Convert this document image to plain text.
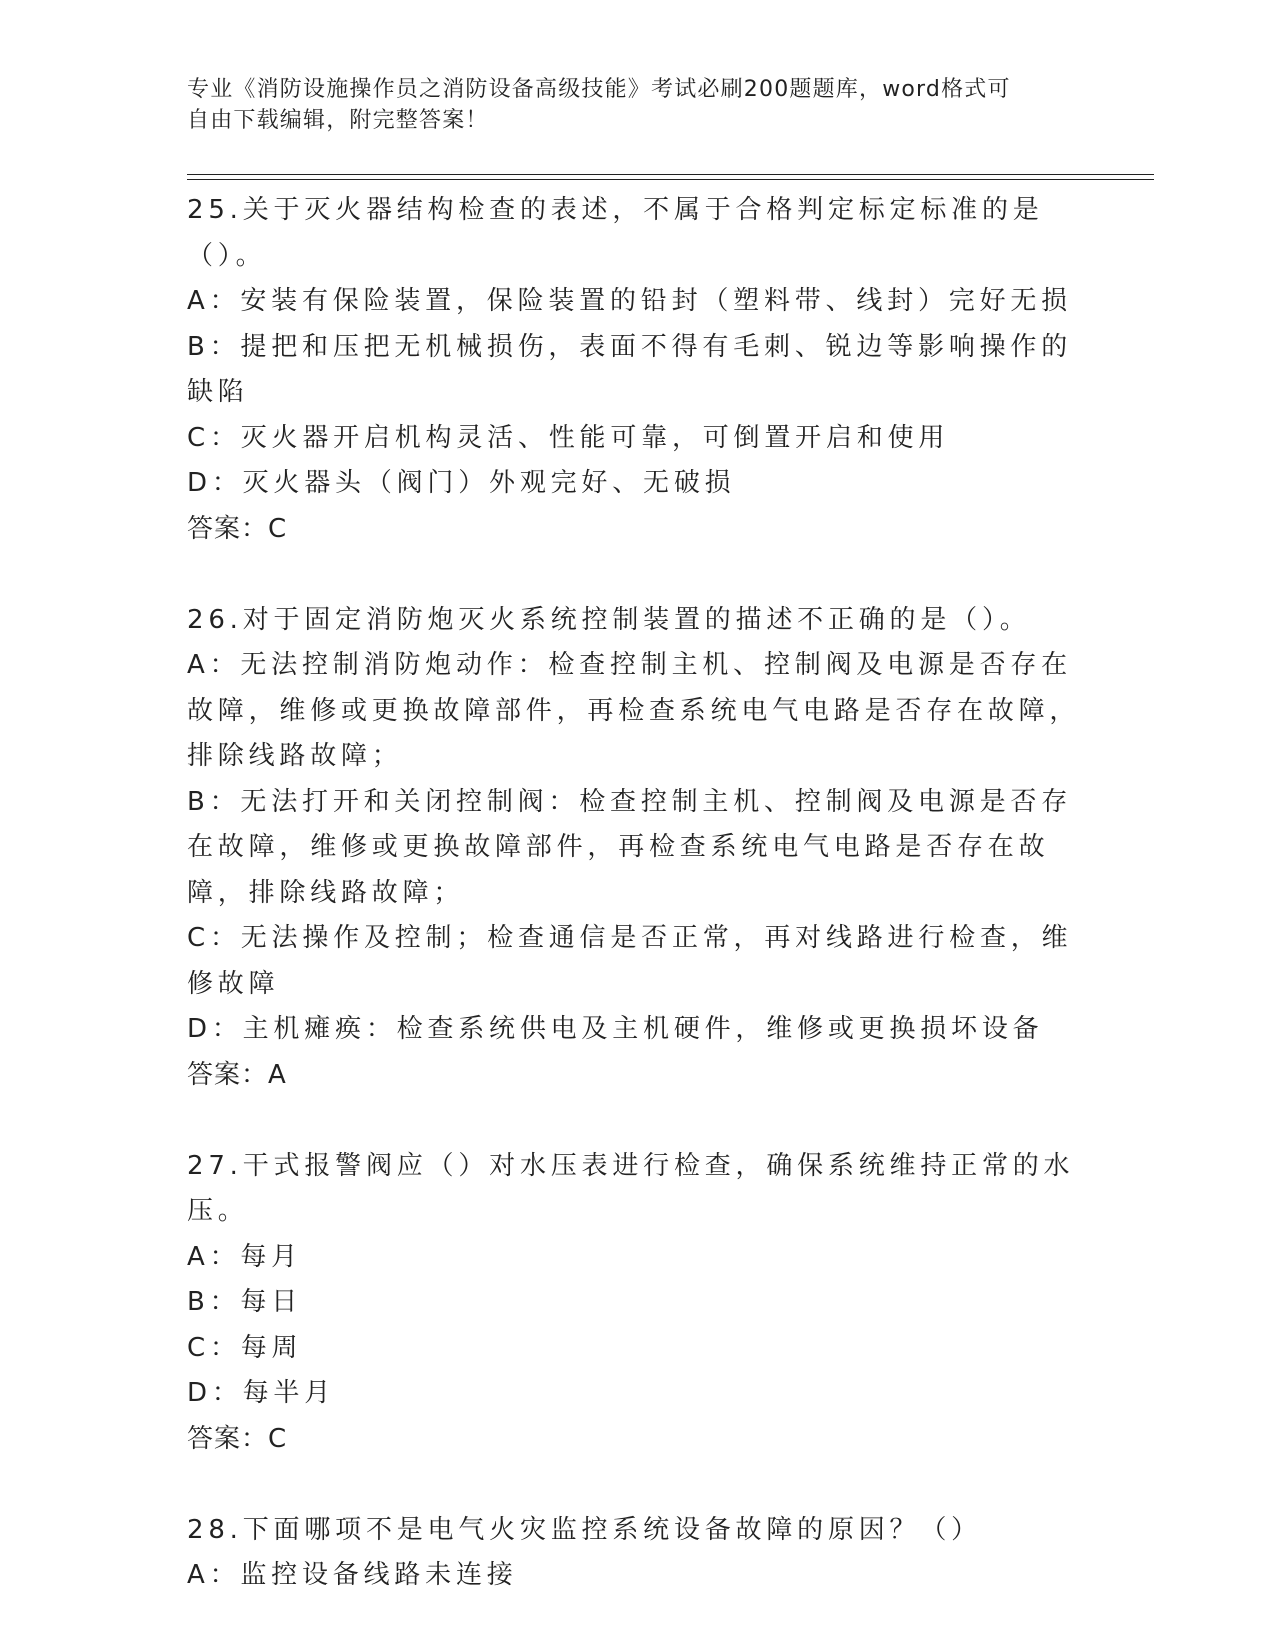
专业《消防设施操作员之消防设备高级技能》考试必刷200题题库，word格式可
自由下载编辑，附完整答案！
25.关于灭火器结构检查的表述，不属于合格判定标定标准的是（）。
A：安装有保险装置，保险装置的铅封（塑料带、线封）完好无损
B：提把和压把无机械损伤，表面不得有毛刺、锐边等影响操作的缺陷
C：灭火器开启机构灵活、性能可靠，可倒置开启和使用
D：灭火器头（阀门）外观完好、无破损
答案：C
26.对于固定消防炮灭火系统控制装置的描述不正确的是（）。
A：无法控制消防炮动作：检查控制主机、控制阀及电源是否存在故障，维修或更换故障部件，再检查系统电气电路是否存在故障，排除线路故障；
B：无法打开和关闭控制阀：检查控制主机、控制阀及电源是否存在故障，维修或更换故障部件，再检查系统电气电路是否存在故障，排除线路故障；
C：无法操作及控制；检查通信是否正常，再对线路进行检查，维修故障
D：主机瘫痪：检查系统供电及主机硬件，维修或更换损坏设备
答案：A
27.干式报警阀应（）对水压表进行检查，确保系统维持正常的水压。
A：每月
B：每日
C：每周
D：每半月
答案：C
28.下面哪项不是电气火灾监控系统设备故障的原因？（）
A：监控设备线路未连接
